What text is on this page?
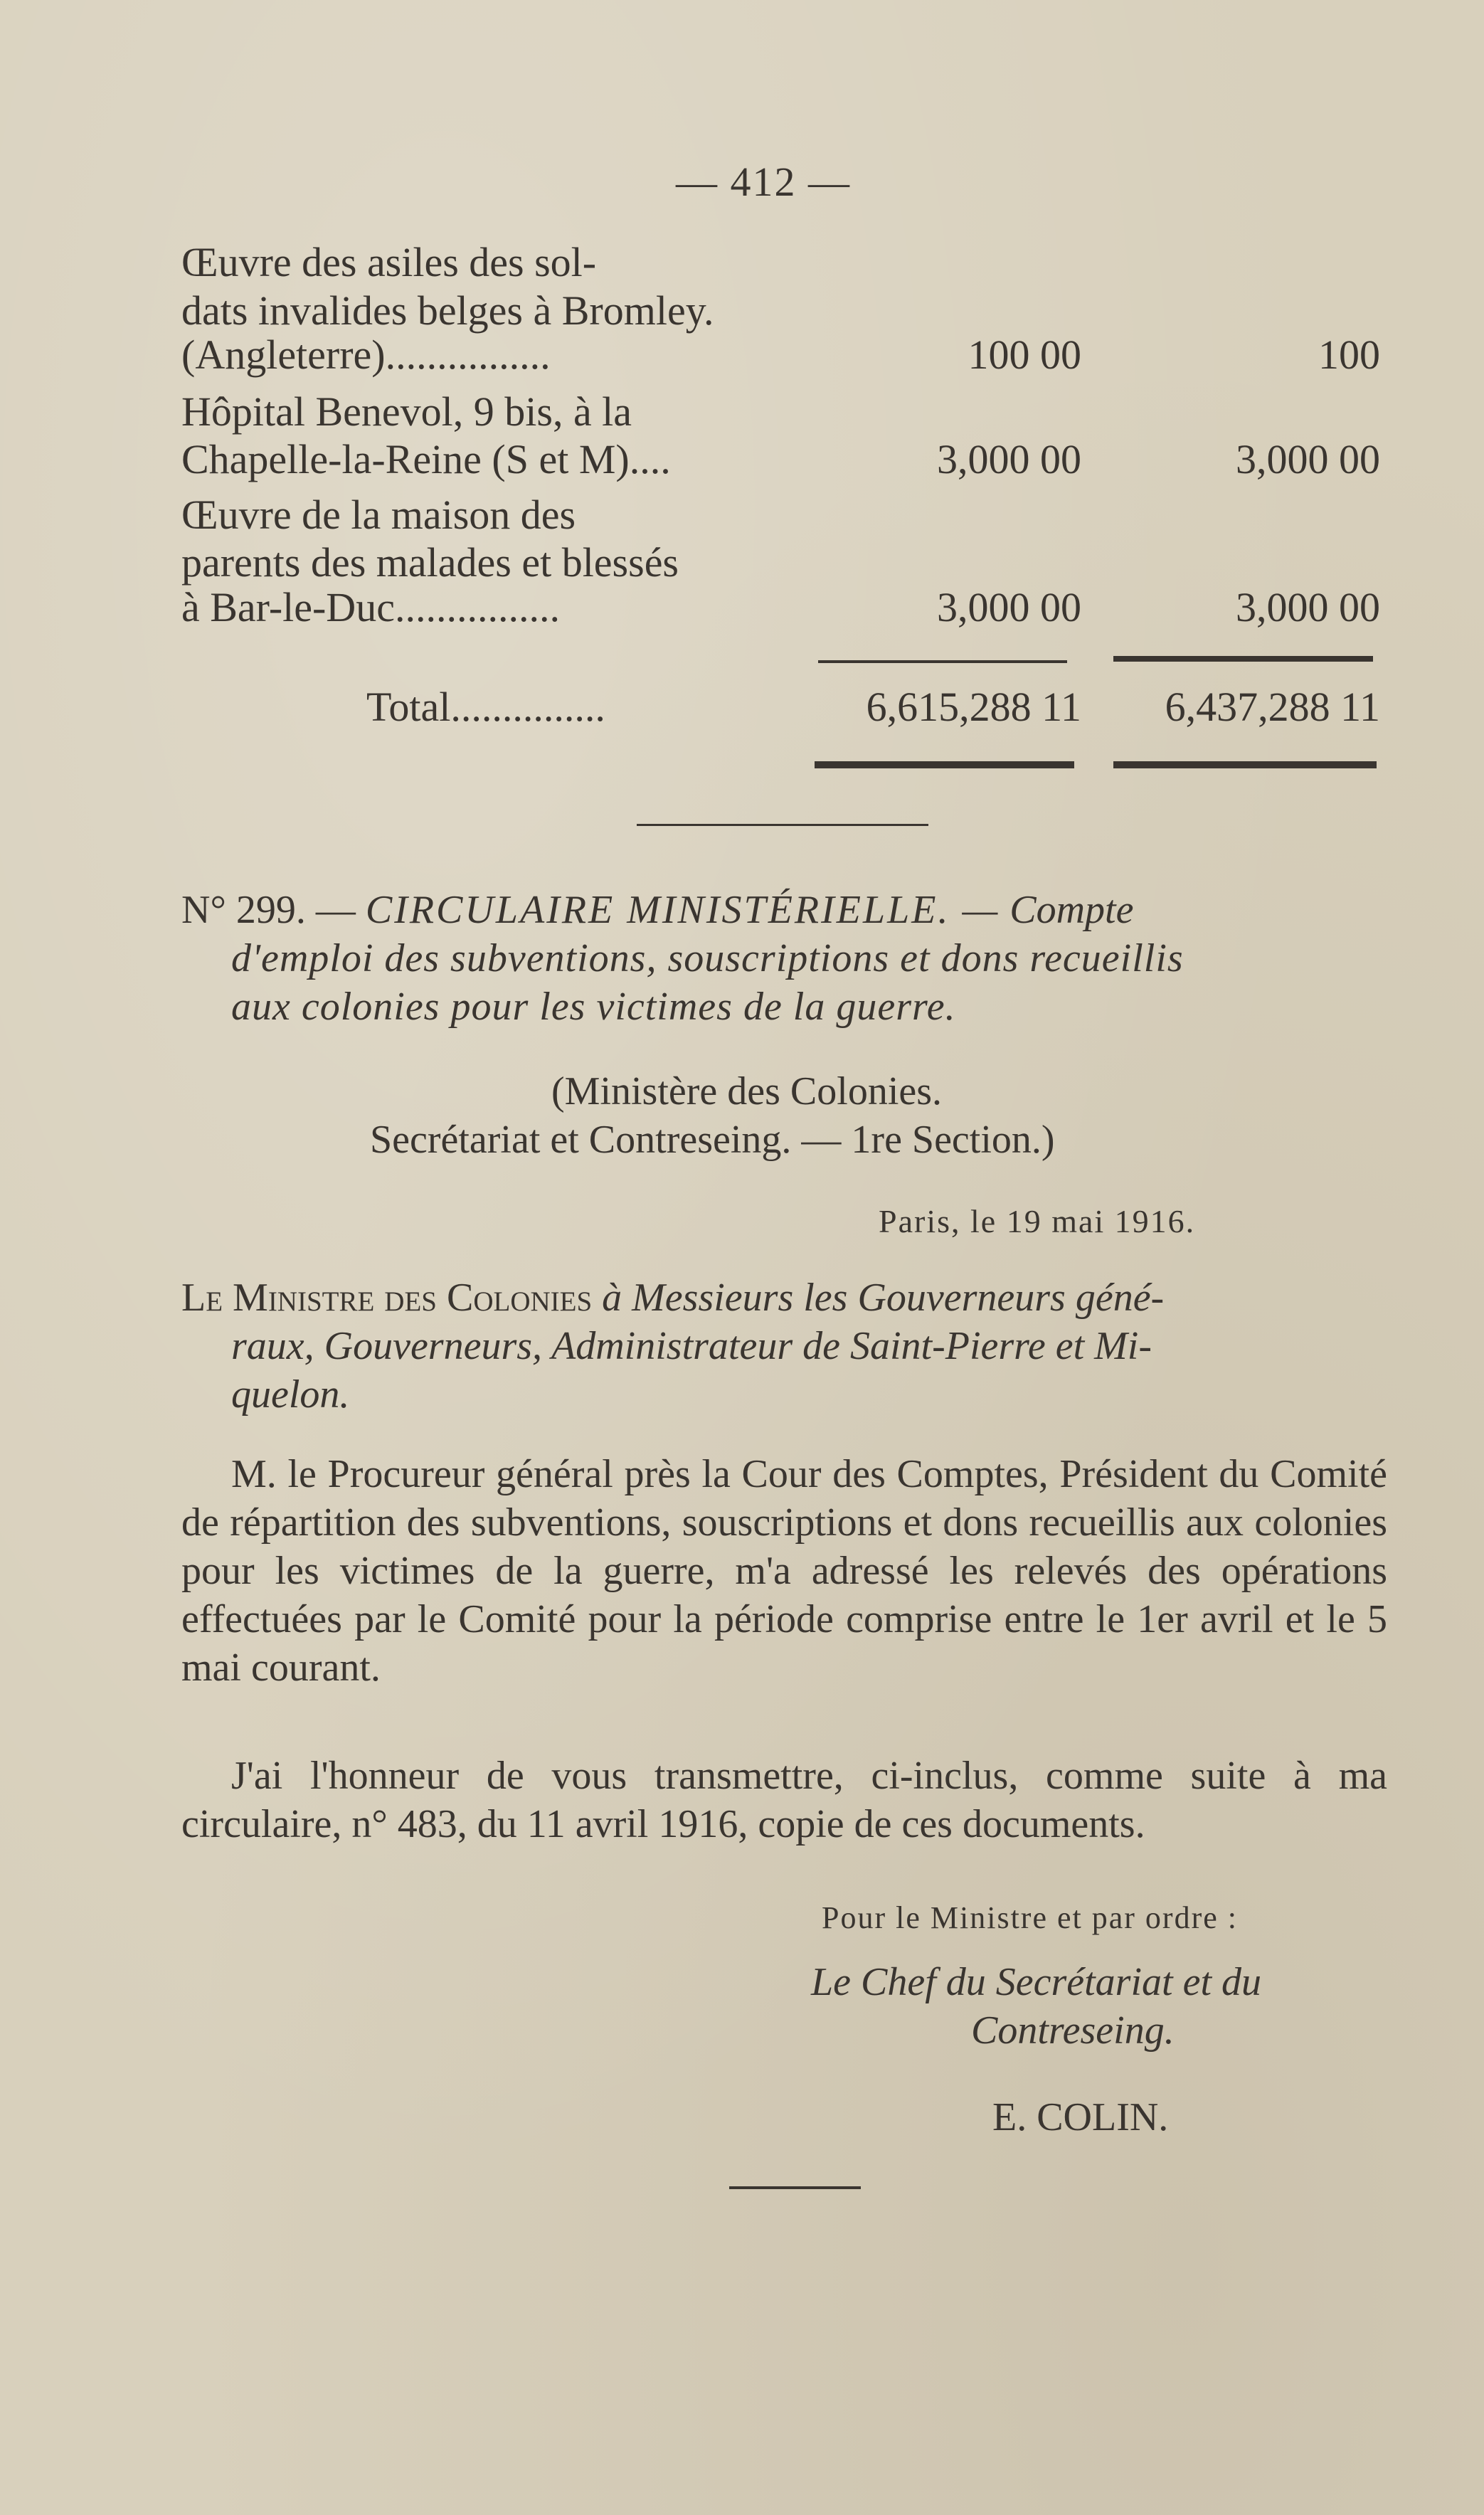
— 412 —
Œuvre des asiles des sol-
dats invalides belges à Bromley.
(Angleterre)................	100 00	100
Hôpital Benevol, 9 bis, à la
Chapelle-la-Reine (S et M)....	3,000 00	3,000 00
Œuvre de la maison des
parents des malades et blessés
à Bar-le-Duc................	3,000 00	3,000 00
Total...............	6,615,288 11	6,437,288 11
N° 299. — CIRCULAIRE MINISTÉRIELLE. — Compte
d'emploi des subventions, souscriptions et dons recueillis
aux colonies pour les victimes de la guerre.
(Ministère des Colonies.
Secrétariat et Contreseing. — 1re Section.)
Paris, le 19 mai 1916.
Le Ministre des Colonies à Messieurs les Gouverneurs géné-
raux, Gouverneurs, Administrateur de Saint-Pierre et Mi-
quelon.
M. le Procureur général près la Cour des Comptes, Président du Comité de répartition des subventions, souscriptions et dons recueillis aux colonies pour les victimes de la guerre, m'a adressé les relevés des opérations effectuées par le Comité pour la période comprise entre le 1er avril et le 5 mai courant.
J'ai l'honneur de vous transmettre, ci-inclus, comme suite à ma circulaire, n° 483, du 11 avril 1916, copie de ces documents.
Pour le Ministre et par ordre :
Le Chef du Secrétariat et du
Contreseing.
E. COLIN.
